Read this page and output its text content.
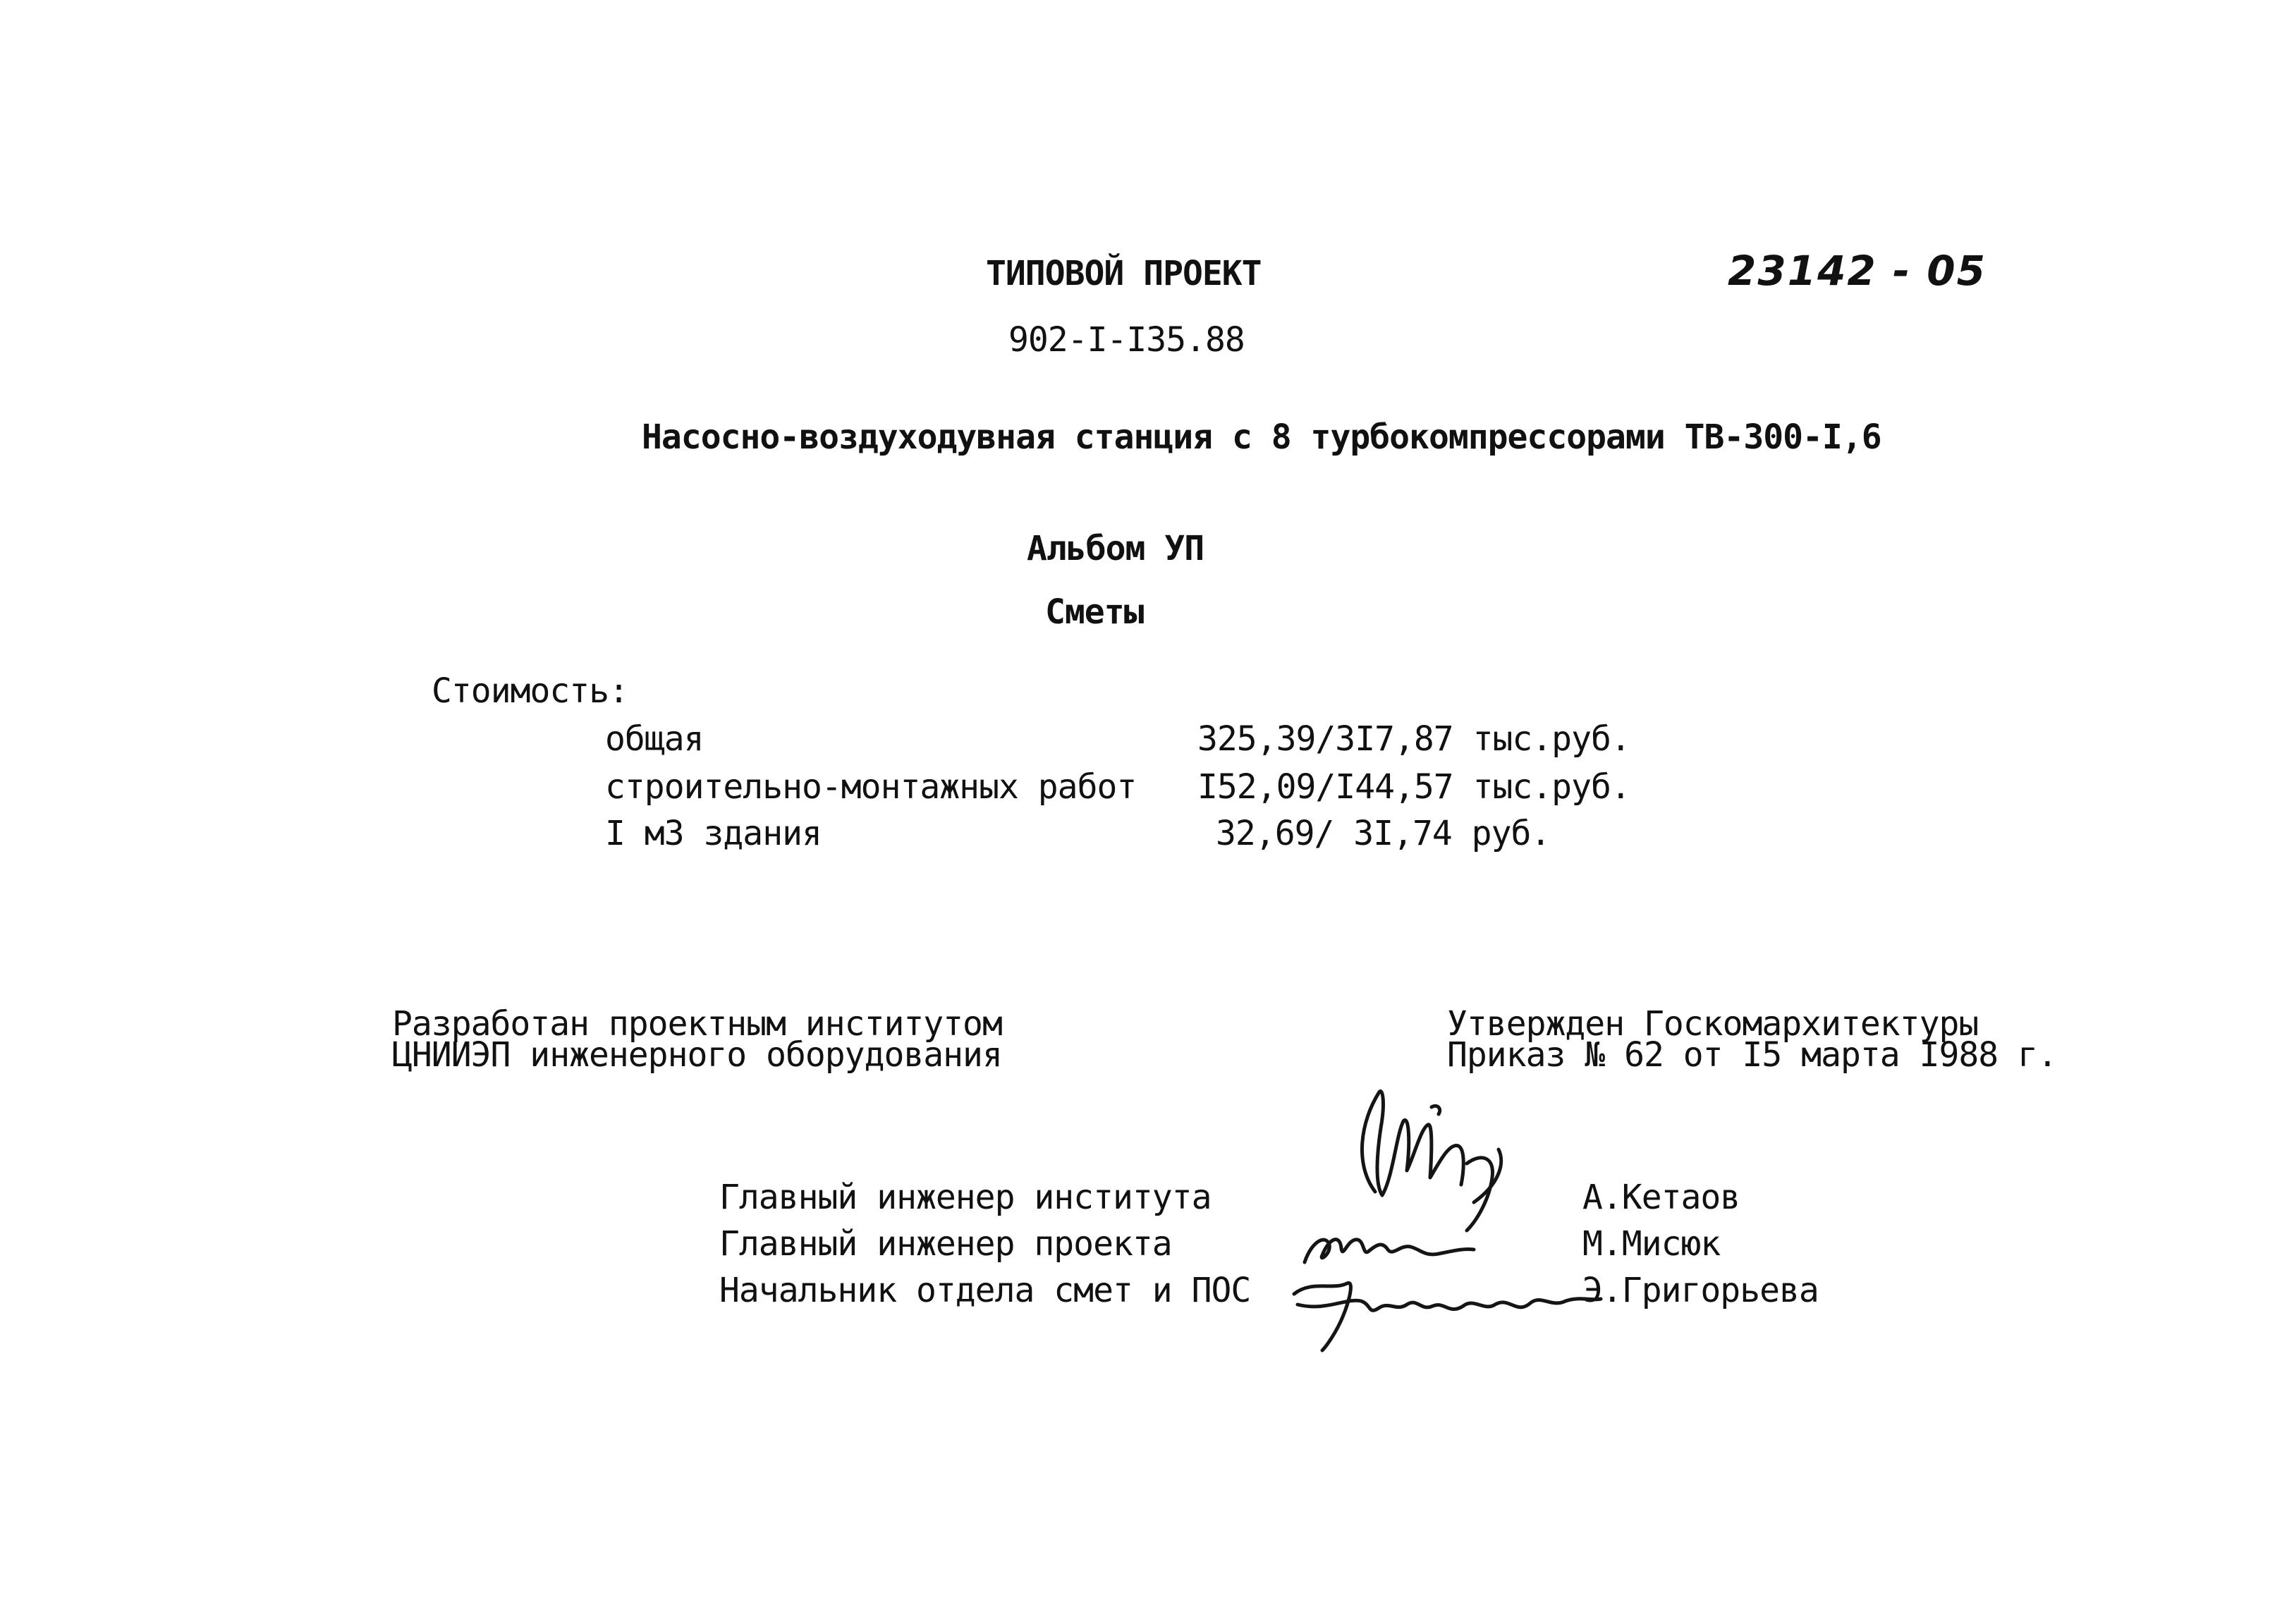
ТИПОВОЙ ПРОЕКТ	23142 - 05
902-I-I35.88
Насосно-воздуходувная станция с 8 турбокомпрессорами ТВ-300-I,6
Альбом УП
Сметы
Стоимость:
общая	325,39/3I7,87 тыс.руб.
строительно-монтажных работ I52,09/I44,57 тыс.руб.
I м3 здания	32,69/ 3I,74 руб.
Разработан проектным институтом
ЦНИИЭП инженерного оборудования
Утвержден Госкомархитектуры
Приказ № 62 от I5 марта I988 г.
Главный инженер института	А.Кетаов
Главный инженер проекта	М.Мисюк
Начальник отдела смет и ПОС	Э.Григорьева
